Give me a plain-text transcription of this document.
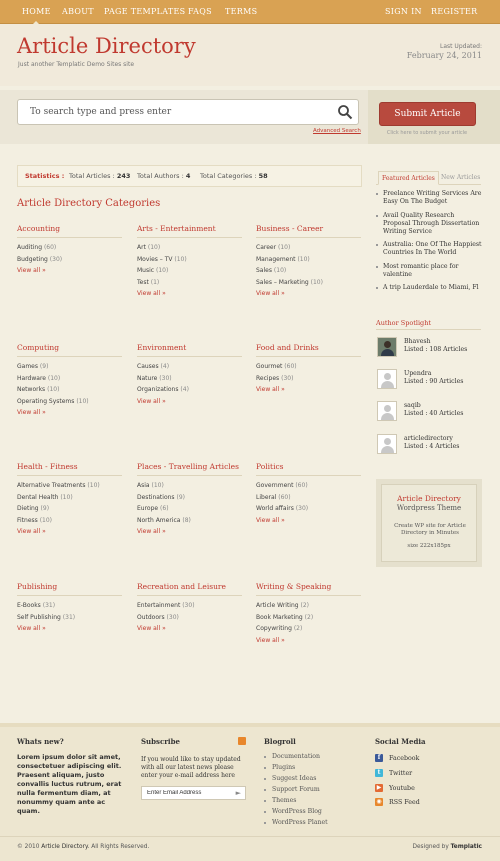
HOME ABOUT PAGE TEMPLATES FAQS TERMS	SIGN IN REGISTER
Article Directory
Just another Templatic Demo Sites site
Last Updated:
February 24, 2011
To search type and press enter
Advanced Search
Submit Article
Click here to submit your article
Statistics : Total Articles : 243 Total Authors : 4 Total Categories : 58
Article Directory Categories
Accounting
Auditing (60)
Budgeting (30)
View all »
Arts - Entertainment
Art (10)
Movies – TV (10)
Music (10)
Test (1)
View all »
Business - Career
Career (10)
Management (10)
Sales (10)
Sales – Marketing (10)
View all »
Computing
Games (9)
Hardware (10)
Networks (10)
Operating Systems (10)
View all »
Environment
Causes (4)
Nature (30)
Organizations (4)
View all »
Food and Drinks
Gourmet (60)
Recipes (30)
View all »
Health - Fitness
Alternative Treatments (10)
Dental Health (10)
Dieting (9)
Fitness (10)
View all »
Places - Travelling Articles
Asia (10)
Destinations (9)
Europe (6)
North America (8)
View all »
Politics
Government (60)
Liberal (60)
World affairs (30)
View all »
Publishing
E-Books (31)
Self Publishing (31)
View all »
Recreation and Leisure
Entertainment (30)
Outdoors (30)
View all »
Writing & Speaking
Article Writing (2)
Book Marketing (2)
Copywriting (2)
View all »
Featured Articles	New Articles
Freelance Writing Services Are Easy On The Budget
Avail Quality Research Proposal Through Dissertation Writing Service
Australia: One Of The Happiest Countries In The World
Most romantic place for valentine
A trip Lauderdale to Miami, Fl
Author Spotlight
Bhavesh
Listed : 108 Articles
Upendra
Listed : 90 Articles
saqib
Listed : 40 Articles
articledirectory
Listed : 4 Articles
Article Directory
Wordpress Theme
Create WP site for Article Directory in Minutes
size 222x185px
Whats new?
Lorem ipsum dolor sit amet, consectetuer adipiscing elit. Praesent aliquam, justo convallis luctus rutrum, erat nulla fermentum diam, at nonummy quam ante ac quam.
Subscribe
If you would like to stay updated with all our latest news please enter your e-mail address here
Enter Email Address
►
Blogroll
Documentation
Plugins
Suggest Ideas
Support Forum
Themes
WordPress Blog
WordPress Planet
Social Media
f	Facebook
t	Twitter
▶ Youtube
◉ RSS Feed
© 2010 Article Directory. All Rights Reserved.	Designed by Templatic
